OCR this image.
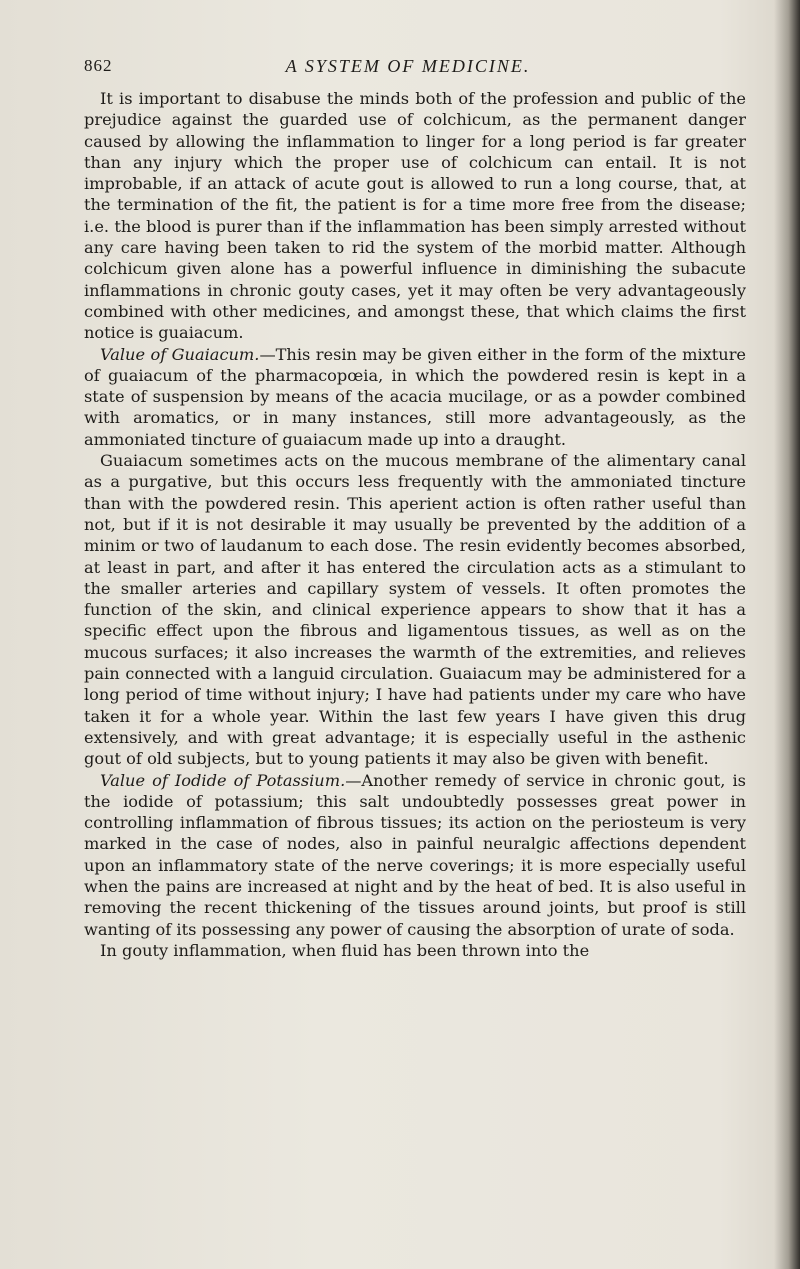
862	A SYSTEM OF MEDICINE.

It is important to disabuse the minds both of the profession and public of the prejudice against the guarded use of colchicum, as the permanent danger caused by allowing the inflammation to linger for a long period is far greater than any injury which the proper use of colchicum can entail. It is not improbable, if an attack of acute gout is allowed to run a long course, that, at the termination of the fit, the patient is for a time more free from the disease; i.e. the blood is purer than if the inflammation has been simply arrested without any care having been taken to rid the system of the morbid matter. Although colchicum given alone has a powerful influence in diminishing the subacute inflammations in chronic gouty cases, yet it may often be very advantageously combined with other medicines, and amongst these, that which claims the first notice is guaiacum.

Value of Guaiacum.—This resin may be given either in the form of the mixture of guaiacum of the pharmacopœia, in which the powdered resin is kept in a state of suspension by means of the acacia mucilage, or as a powder combined with aromatics, or in many instances, still more advantageously, as the ammoniated tincture of guaiacum made up into a draught.

Guaiacum sometimes acts on the mucous membrane of the alimentary canal as a purgative, but this occurs less frequently with the ammoniated tincture than with the powdered resin. This aperient action is often rather useful than not, but if it is not desirable it may usually be prevented by the addition of a minim or two of laudanum to each dose. The resin evidently becomes absorbed, at least in part, and after it has entered the circulation acts as a stimulant to the smaller arteries and capillary system of vessels. It often promotes the function of the skin, and clinical experience appears to show that it has a specific effect upon the fibrous and ligamentous tissues, as well as on the mucous surfaces; it also increases the warmth of the extremities, and relieves pain connected with a languid circulation. Guaiacum may be administered for a long period of time without injury; I have had patients under my care who have taken it for a whole year. Within the last few years I have given this drug extensively, and with great advantage; it is especially useful in the asthenic gout of old subjects, but to young patients it may also be given with benefit.

Value of Iodide of Potassium.—Another remedy of service in chronic gout, is the iodide of potassium; this salt undoubtedly possesses great power in controlling inflammation of fibrous tissues; its action on the periosteum is very marked in the case of nodes, also in painful neuralgic affections dependent upon an inflammatory state of the nerve coverings; it is more especially useful when the pains are increased at night and by the heat of bed. It is also useful in removing the recent thickening of the tissues around joints, but proof is still wanting of its possessing any power of causing the absorption of urate of soda.

In gouty inflammation, when fluid has been thrown into the
